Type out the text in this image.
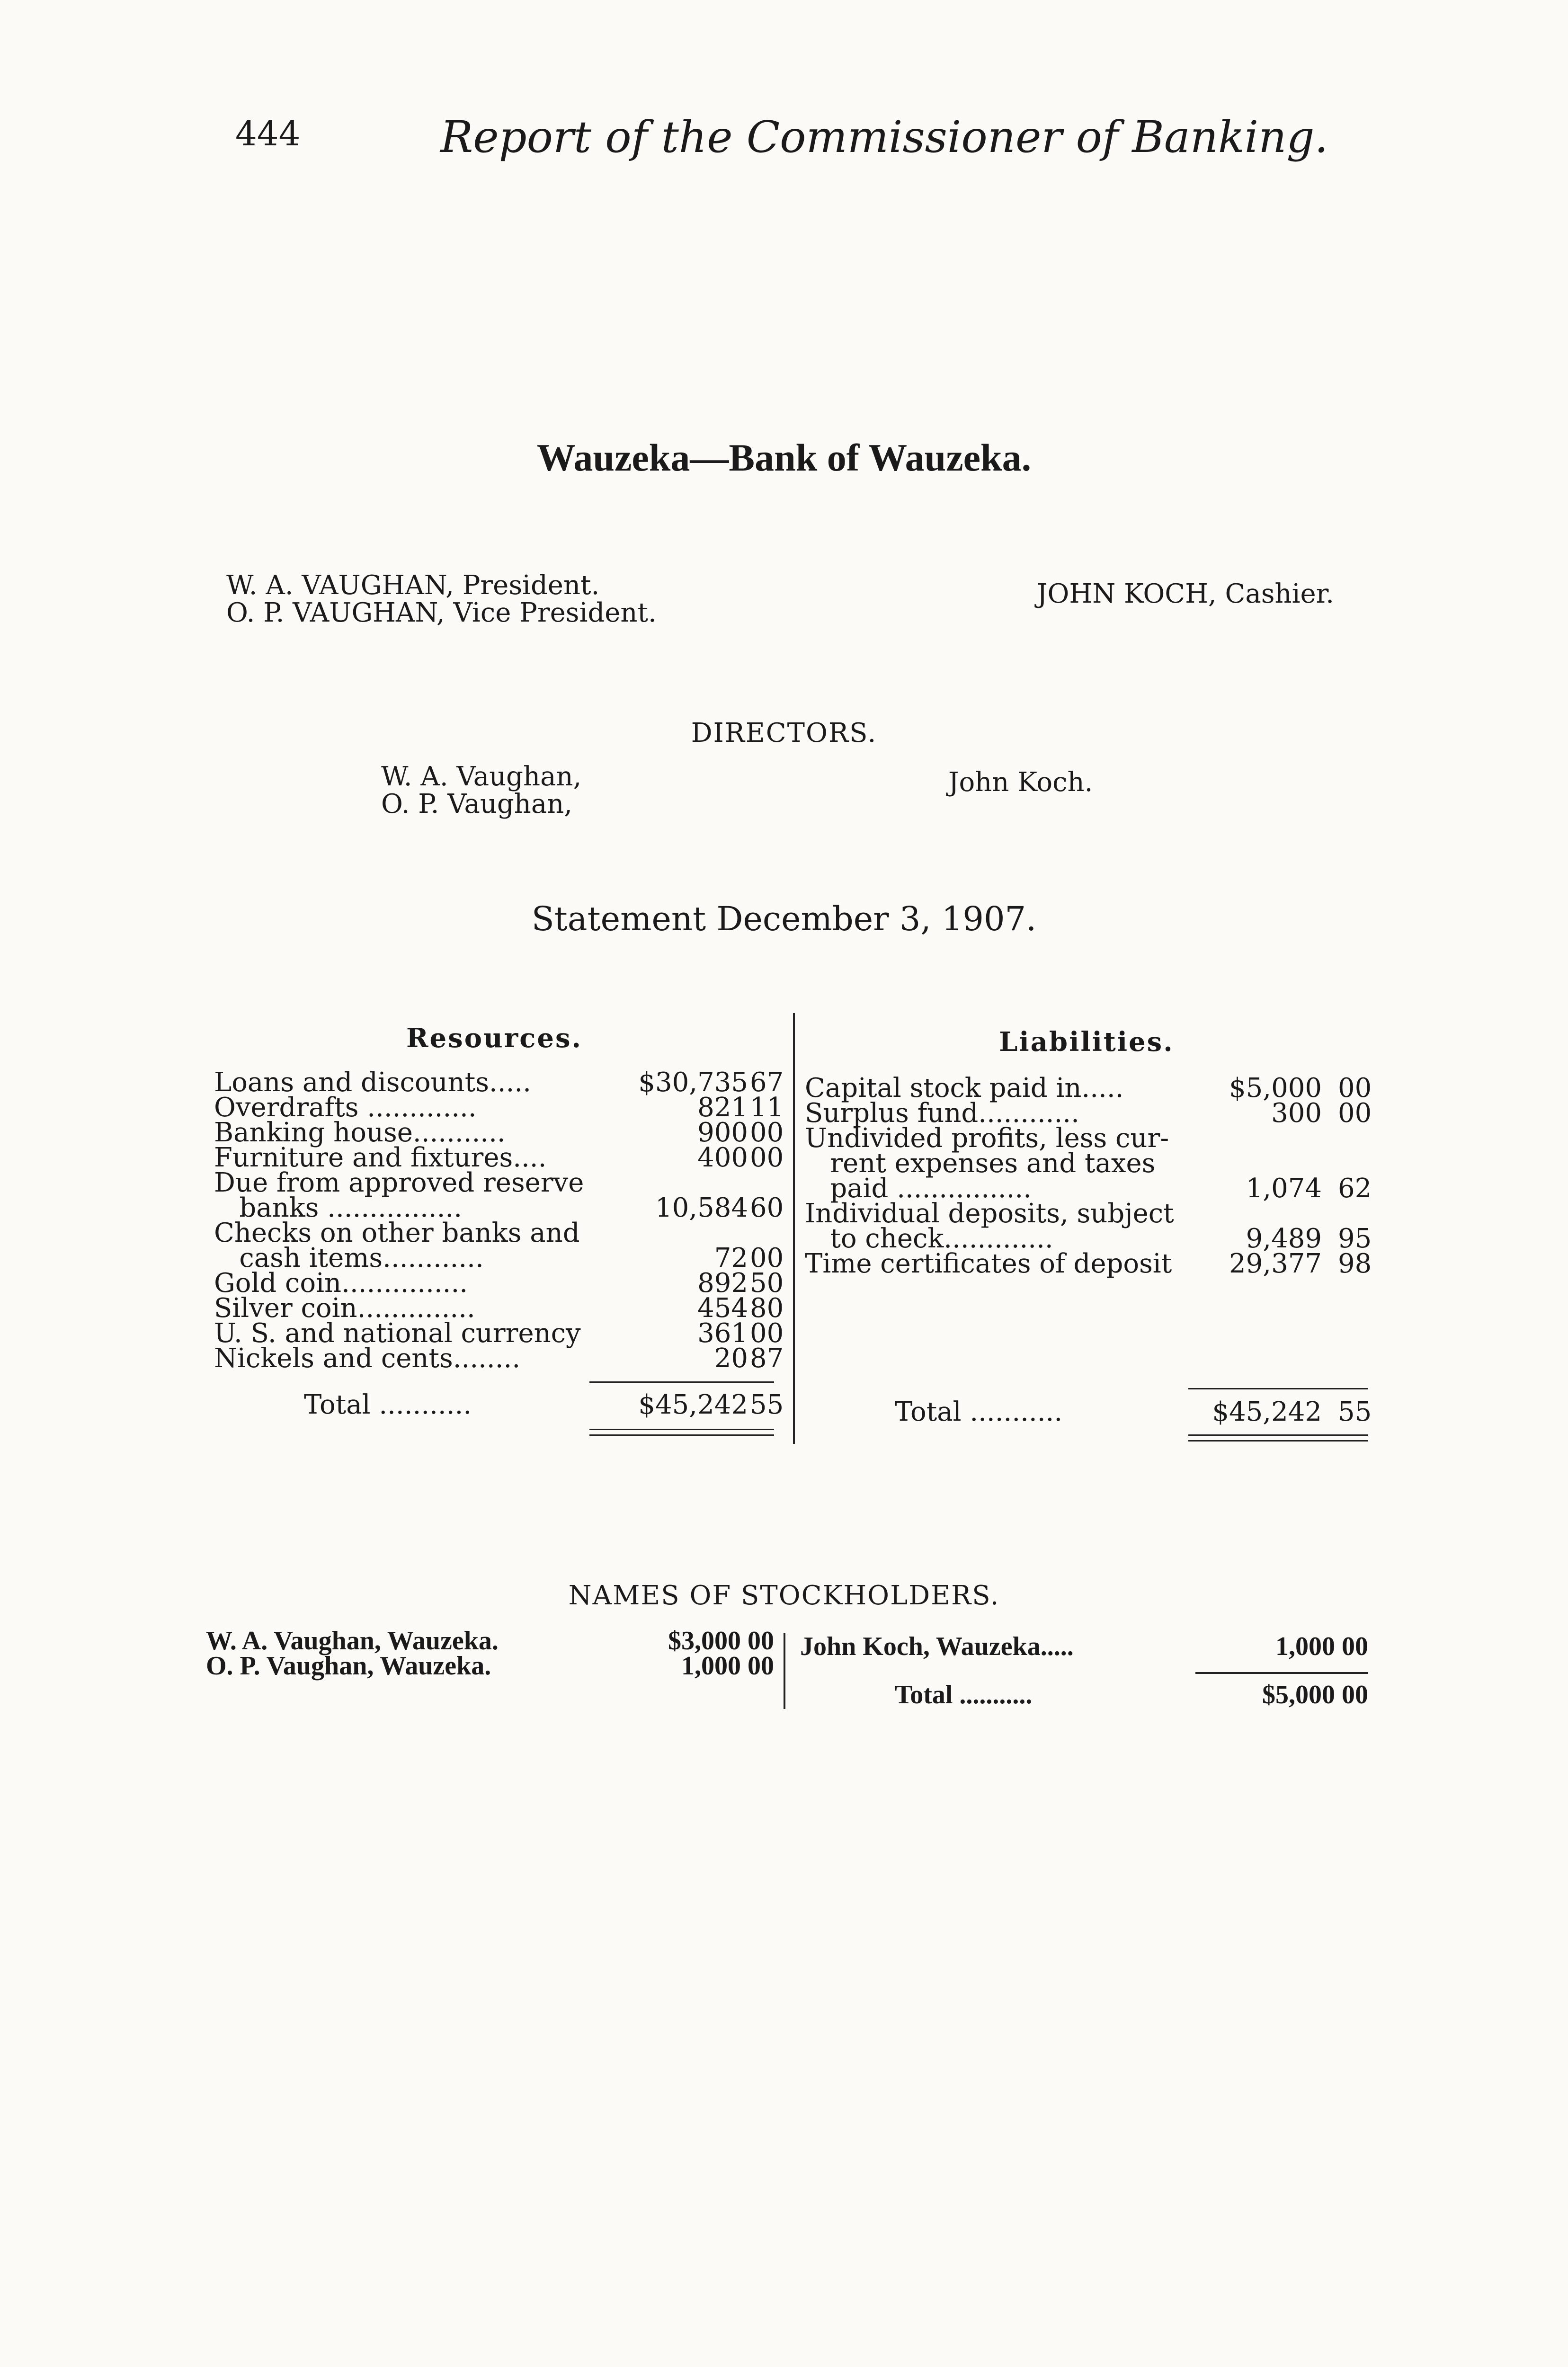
444	Report of the Commissioner of Banking.
Wauzeka—Bank of Wauzeka.
W. A. VAUGHAN, President.
O. P. VAUGHAN, Vice President.
JOHN KOCH, Cashier.
DIRECTORS.
W. A. Vaughan,
O. P. Vaughan,
John Koch.
Statement December 3, 1907.
Resources.	Liabilities.
Loans and discounts.....	$30,735 67
Overdrafts .............	821 11
Banking house...........	900 00
Furniture and fixtures....	400 00
Due from approved reserve
banks ................	10,584 60
Checks on other banks and
cash items............	72 00
Gold coin...............	892 50
Silver coin..............	454 80
U. S. and national currency	361 00
Nickels and cents........	20 87
Total ...........	$45,242 55
Capital stock paid in.....	$5,000 00
Surplus fund............	300 00
Undivided profits, less cur-
rent expenses and taxes
paid ................	1,074 62
Individual deposits, subject
to check.............	9,489 95
Time certificates of deposit 29,377 98
Total ...........	$45,242 55
NAMES OF STOCKHOLDERS.
W. A. Vaughan, Wauzeka.	$3,000 00
O. P. Vaughan, Wauzeka.	1,000 00
John Koch, Wauzeka.....	1,000 00
Total ...........	$5,000 00
